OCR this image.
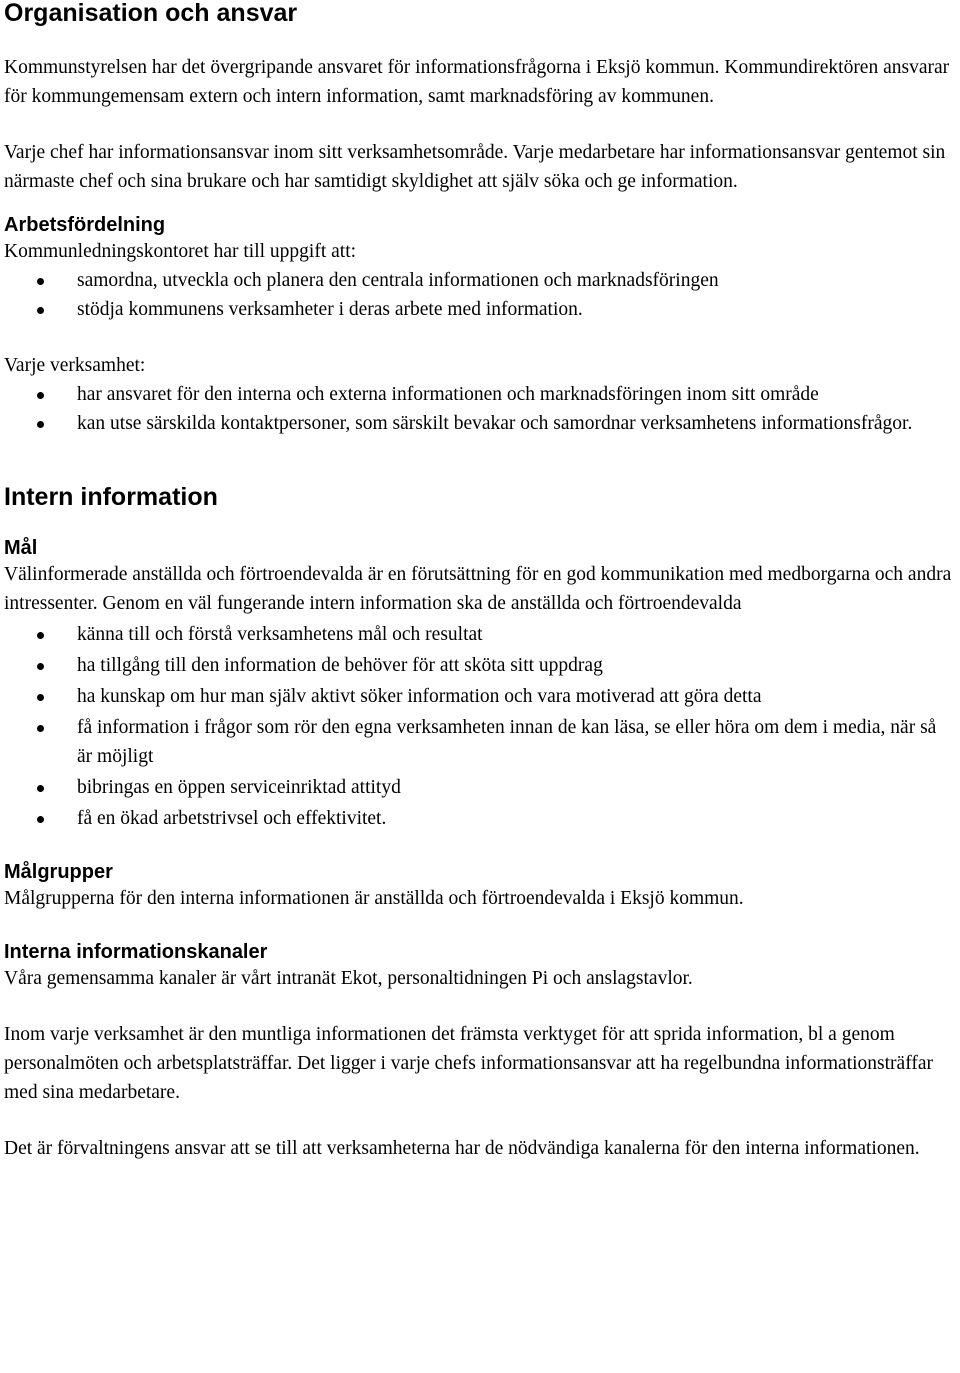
Organisation och ansvar

Kommunstyrelsen har det övergripande ansvaret för informationsfrågorna i Eksjö kommun. Kommundirektören ansvarar för kommungemensam extern och intern information, samt marknadsföring av kommunen.

Varje chef har informationsansvar inom sitt verksamhetsområde. Varje medarbetare har informationsansvar gentemot sin närmaste chef och sina brukare och har samtidigt skyldighet att själv söka och ge information.

Arbetsfördelning

Kommunledningskontoret har till uppgift att:

samordna, utveckla och planera den centrala informationen och marknadsföringen
stödja kommunens verksamheter i deras arbete med information.

Varje verksamhet:

har ansvaret för den interna och externa informationen och marknadsföringen inom sitt område
kan utse särskilda kontaktpersoner, som särskilt bevakar och samordnar verksamhetens informationsfrågor.
Intern information
Mål

Välinformerade anställda och förtroendevalda är en förutsättning för en god kommunikation med medborgarna och andra intressenter. Genom en väl fungerande intern information ska de anställda och förtroendevalda

känna till och förstå verksamhetens mål och resultat
ha tillgång till den information de behöver för att sköta sitt uppdrag
ha kunskap om hur man själv aktivt söker information och vara motiverad att göra detta
få information i frågor som rör den egna verksamheten innan de kan läsa, se eller höra om dem i media, när så är möjligt
bibringas en öppen serviceinriktad attityd
få en ökad arbetstrivsel och effektivitet.
Målgrupper

Målgrupperna för den interna informationen är anställda och förtroendevalda i Eksjö kommun.

Interna informationskanaler

Våra gemensamma kanaler är vårt intranät Ekot, personaltidningen Pi och anslagstavlor.

Inom varje verksamhet är den muntliga informationen det främsta verktyget för att sprida information, bl a genom personalmöten och arbetsplatsträffar. Det ligger i varje chefs informationsansvar att ha regelbundna informationsträffar med sina medarbetare.

Det är förvaltningens ansvar att se till att verksamheterna har de nödvändiga kanalerna för den interna informationen.
